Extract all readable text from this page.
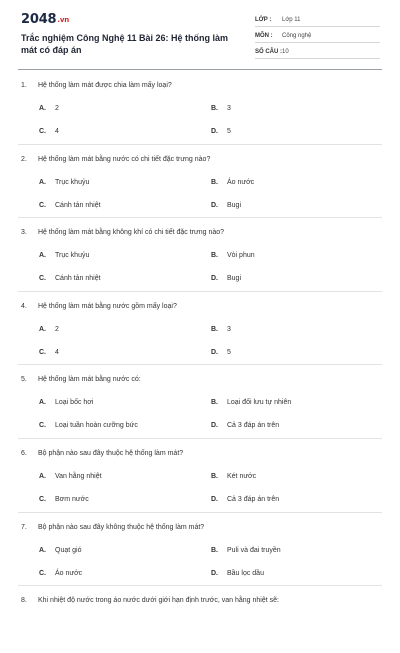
2048.vn
Trắc nghiệm Công Nghệ 11 Bài 26: Hệ thống làm mát có đáp án
LỚP : Lớp 11
MÔN : Công nghệ
SỐ CÂU : 10
1. Hệ thống làm mát được chia làm mấy loại?
A. 2	B. 3
C. 4	D. 5
2. Hệ thống làm mát bằng nước có chi tiết đặc trưng nào?
A. Trục khuỷu	B. Áo nước
C. Cánh tản nhiệt	D. Bugi
3. Hệ thống làm mát bằng không khí có chi tiết đặc trưng nào?
A. Trục khuỷu	B. Vòi phun
C. Cánh tản nhiệt	D. Bugi
4. Hệ thống làm mát bằng nước gồm mấy loại?
A. 2	B. 3
C. 4	D. 5
5. Hệ thống làm mát bằng nước có:
A. Loại bốc hơi	B. Loại đối lưu tự nhiên
C. Loại tuần hoàn cưỡng bức	D. Cả 3 đáp án trên
6. Bộ phận nào sau đây thuộc hệ thống làm mát?
A. Van hằng nhiệt	B. Két nước
C. Bơm nước	D. Cả 3 đáp án trên
7. Bộ phận nào sau đây không thuộc hệ thống làm mát?
A. Quạt gió	B. Puli và đai truyền
C. Áo nước	D. Bầu lọc dầu
8. Khi nhiệt độ nước trong áo nước dưới giới hạn định trước, van hằng nhiệt sẽ:
